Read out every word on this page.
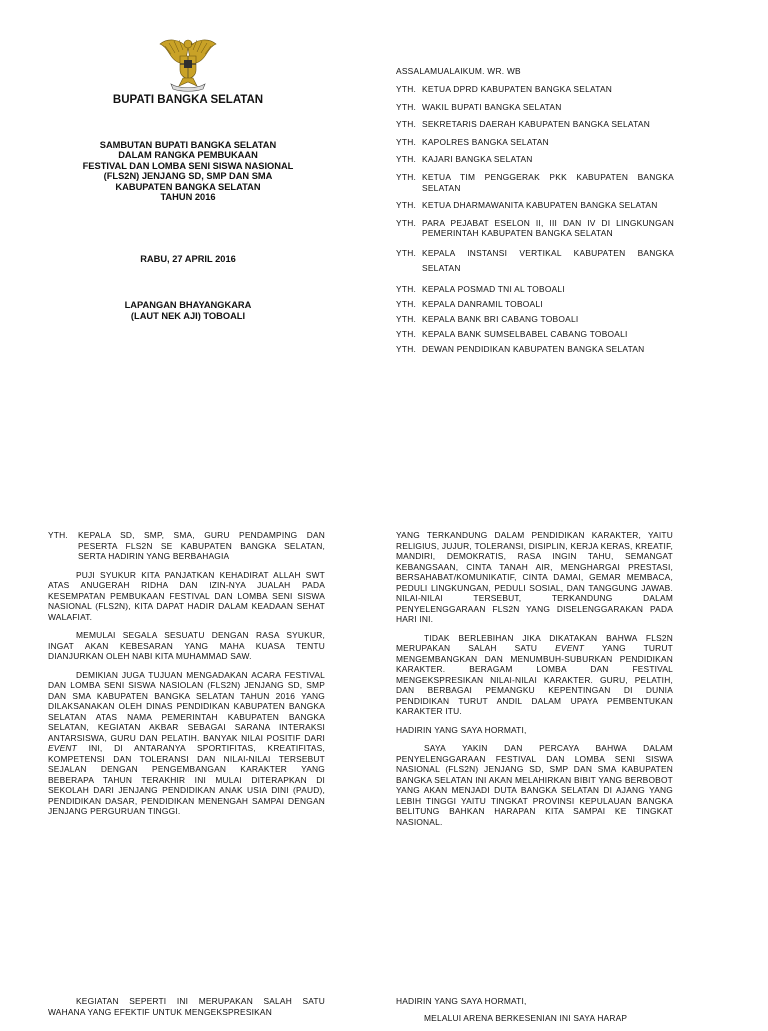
BUPATI BANGKA SELATAN
SAMBUTAN BUPATI BANGKA SELATAN
DALAM RANGKA PEMBUKAAN
FESTIVAL DAN LOMBA SENI SISWA NASIONAL
(FLS2N) JENJANG SD, SMP DAN SMA
KABUPATEN BANGKA SELATAN
TAHUN 2016
RABU, 27 APRIL 2016
LAPANGAN BHAYANGKARA
(LAUT NEK AJI) TOBOALI
ASSALAMUALAIKUM. WR. WB
YTH. KETUA DPRD KABUPATEN BANGKA SELATAN
YTH. WAKIL BUPATI BANGKA SELATAN
YTH. SEKRETARIS DAERAH KABUPATEN BANGKA SELATAN
YTH. KAPOLRES BANGKA SELATAN
YTH. KAJARI BANGKA SELATAN
YTH. KETUA TIM PENGGERAK PKK KABUPATEN BANGKA SELATAN
YTH. KETUA DHARMAWANITA KABUPATEN BANGKA SELATAN
YTH. PARA PEJABAT ESELON II, III DAN IV DI LINGKUNGAN PEMERINTAH KABUPATEN BANGKA SELATAN
YTH. KEPALA INSTANSI VERTIKAL KABUPATEN BANGKA SELATAN
YTH. KEPALA POSMAD TNI AL TOBOALI
YTH. KEPALA DANRAMIL TOBOALI
YTH. KEPALA BANK BRI CABANG TOBOALI
YTH. KEPALA BANK SUMSELBABEL CABANG TOBOALI
YTH. DEWAN PENDIDIKAN KABUPATEN BANGKA SELATAN
YTH.	KEPALA SD, SMP, SMA, GURU PENDAMPING DAN PESERTA FLS2N SE KABUPATEN BANGKA SELATAN, SERTA HADIRIN YANG BERBAHAGIA

PUJI SYUKUR KITA PANJATKAN KEHADIRAT ALLAH SWT ATAS ANUGERAH RIDHA DAN IZIN-NYA JUALAH PADA KESEMPATAN PEMBUKAAN FESTIVAL DAN LOMBA SENI SISWA NASIONAL (FLS2N), KITA DAPAT HADIR DALAM KEADAAN SEHAT WALAFIAT.

MEMULAI SEGALA SESUATU DENGAN RASA SYUKUR, INGAT AKAN KEBESARAN YANG MAHA KUASA TENTU DIANJURKAN OLEH NABI KITA MUHAMMAD SAW.

DEMIKIAN JUGA TUJUAN MENGADAKAN ACARA FESTIVAL DAN LOMBA SENI SISWA NASIOLAN (FLS2N) JENJANG SD, SMP DAN SMA KABUPATEN BANGKA SELATAN TAHUN 2016 YANG DILAKSANAKAN OLEH DINAS PENDIDIKAN KABUPATEN BANGKA SELATAN ATAS NAMA PEMERINTAH KABUPATEN BANGKA SELATAN, KEGIATAN AKBAR SEBAGAI SARANA INTERAKSI ANTARSISWA, GURU DAN PELATIH. BANYAK NILAI POSITIF DARI EVENT INI, DI ANTARANYA SPORTIFITAS, KREATIFITAS, KOMPETENSI DAN TOLERANSI DAN NILAI-NILAI TERSEBUT SEJALAN DENGAN PENGEMBANGAN KARAKTER YANG BEBERAPA TAHUN TERAKHIR INI MULAI DITERAPKAN DI SEKOLAH DARI JENJANG PENDIDIKAN ANAK USIA DINI (PAUD), PENDIDIKAN DASAR, PENDIDIKAN MENENGAH SAMPAI DENGAN JENJANG PERGURUAN TINGGI.

YANG TERKANDUNG DALAM PENDIDIKAN KARAKTER, YAITU RELIGIUS, JUJUR, TOLERANSI, DISIPLIN, KERJA KERAS, KREATIF, MANDIRI, DEMOKRATIS, RASA INGIN TAHU, SEMANGAT KEBANGSAAN, CINTA TANAH AIR, MENGHARGAI PRESTASI, BERSAHABAT/KOMUNIKATIF, CINTA DAMAI, GEMAR MEMBACA, PEDULI LINGKUNGAN, PEDULI SOSIAL, DAN TANGGUNG JAWAB. NILAI-NILAI TERSEBUT, TERKANDUNG DALAM PENYELENGGARAAN FLS2N YANG DISELENGGARAKAN PADA HARI INI.

TIDAK BERLEBIHAN JIKA DIKATAKAN BAHWA FLS2N MERUPAKAN SALAH SATU EVENT YANG TURUT MENGEMBANGKAN DAN MENUMBUH-SUBURKAN PENDIDIKAN KARAKTER. BERAGAM LOMBA DAN FESTIVAL MENGEKSPRESIKAN NILAI-NILAI KARAKTER. GURU, PELATIH, DAN BERBAGAI PEMANGKU KEPENTINGAN DI DUNIA PENDIDIKAN TURUT ANDIL DALAM UPAYA PEMBENTUKAN KARAKTER ITU.

HADIRIN YANG SAYA HORMATI,

SAYA YAKIN DAN PERCAYA BAHWA DALAM PENYELENGGARAAN FESTIVAL DAN LOMBA SENI SISWA NASIONAL (FLS2N) JENJANG SD, SMP DAN SMA KABUPATEN BANGKA SELATAN INI AKAN MELAHIRKAN BIBIT YANG BERBOBOT YANG AKAN MENJADI DUTA BANGKA SELATAN DI AJANG YANG LEBIH TINGGI YAITU TINGKAT PROVINSI KEPULAUAN BANGKA BELITUNG BAHKAN HARAPAN KITA SAMPAI KE TINGKAT NASIONAL.

KEGIATAN SEPERTI INI MERUPAKAN SALAH SATU WAHANA YANG EFEKTIF UNTUK MENGEKSPRESIKAN

HADIRIN YANG SAYA HORMATI,

MELALUI ARENA BERKESENIAN INI SAYA HARAP
